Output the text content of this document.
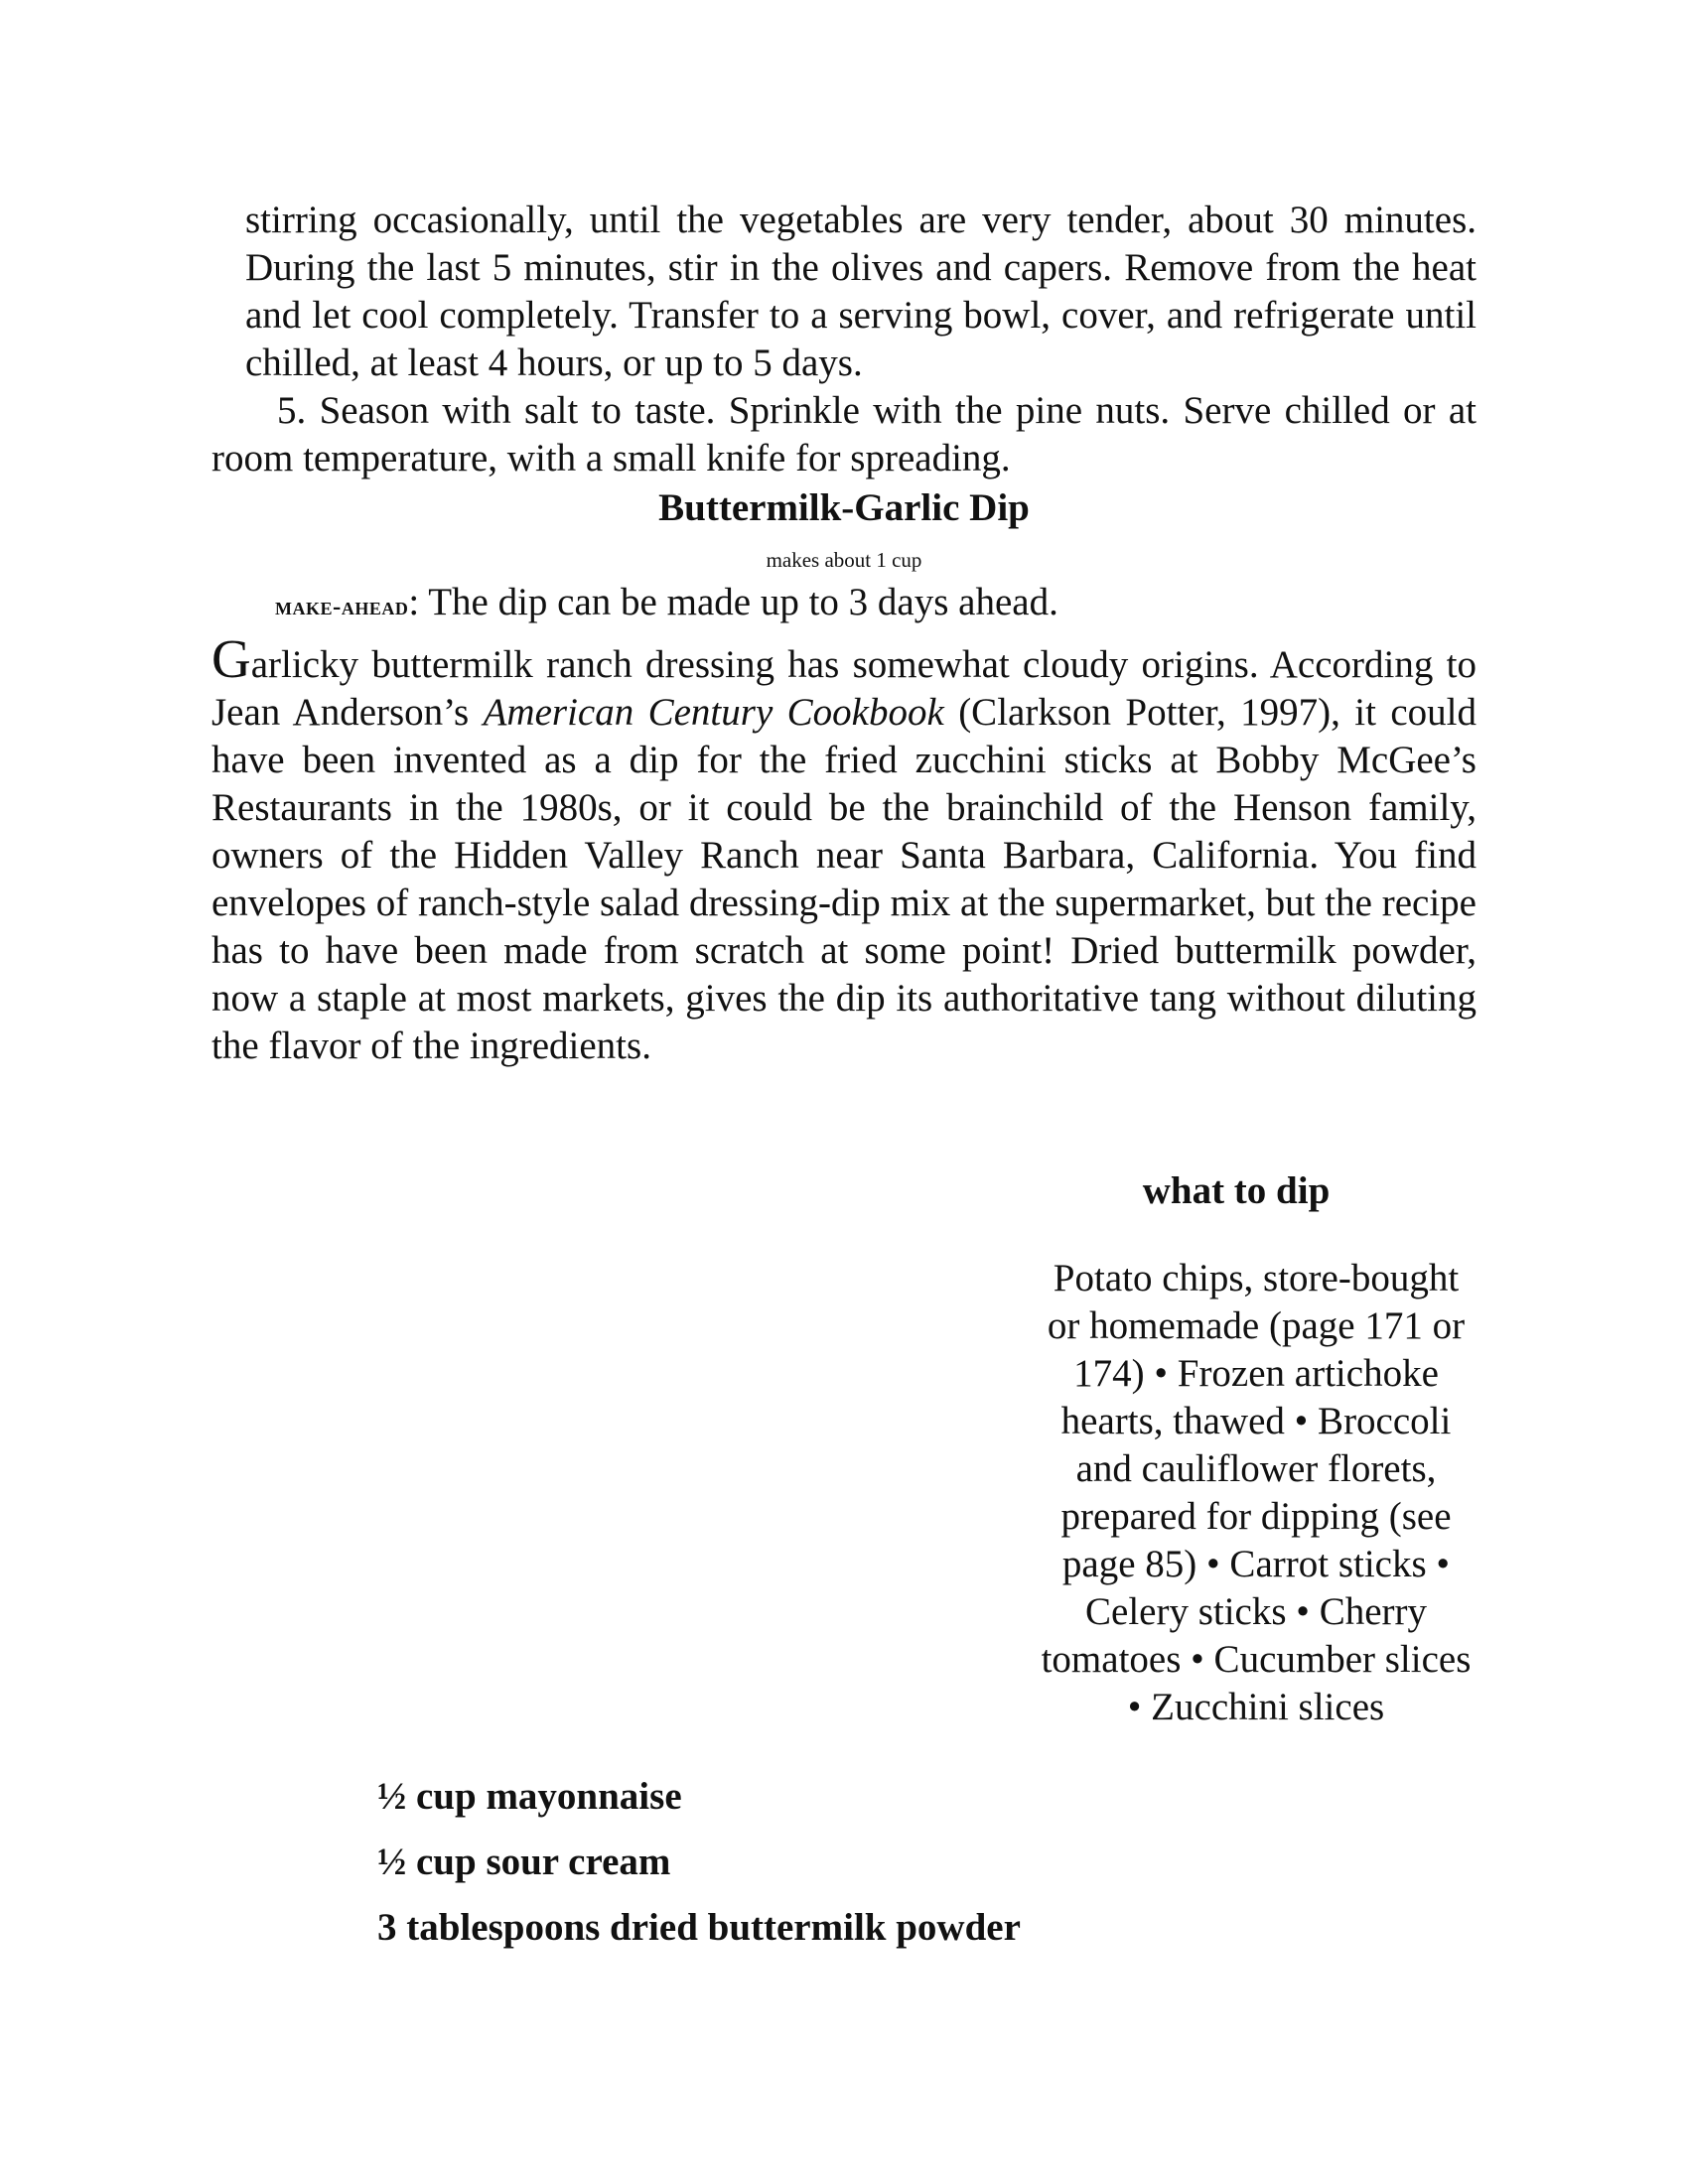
stirring occasionally, until the vegetables are very tender, about 30 minutes. During the last 5 minutes, stir in the olives and capers. Remove from the heat and let cool completely. Transfer to a serving bowl, cover, and refrigerate until chilled, at least 4 hours, or up to 5 days.

5. Season with salt to taste. Sprinkle with the pine nuts. Serve chilled or at room temperature, with a small knife for spreading.

Buttermilk-Garlic Dip
makes about 1 cup
make-ahead: The dip can be made up to 3 days ahead.

Garlicky buttermilk ranch dressing has somewhat cloudy origins. According to Jean Anderson’s American Century Cookbook (Clarkson Potter, 1997), it could have been invented as a dip for the fried zucchini sticks at Bobby McGee’s Restaurants in the 1980s, or it could be the brainchild of the Henson family, owners of the Hidden Valley Ranch near Santa Barbara, California. You find envelopes of ranch-style salad dressing-dip mix at the supermarket, but the recipe has to have been made from scratch at some point! Dried buttermilk powder, now a staple at most markets, gives the dip its authoritative tang without diluting the flavor of the ingredients.

what to dip
Potato chips, store-bought or homemade (page 171 or 174) • Frozen artichoke hearts, thawed • Broccoli and cauliflower florets, prepared for dipping (see page 85) • Carrot sticks • Celery sticks • Cherry tomatoes • Cucumber slices • Zucchini slices
½ cup mayonnaise
½ cup sour cream
3 tablespoons dried buttermilk powder
